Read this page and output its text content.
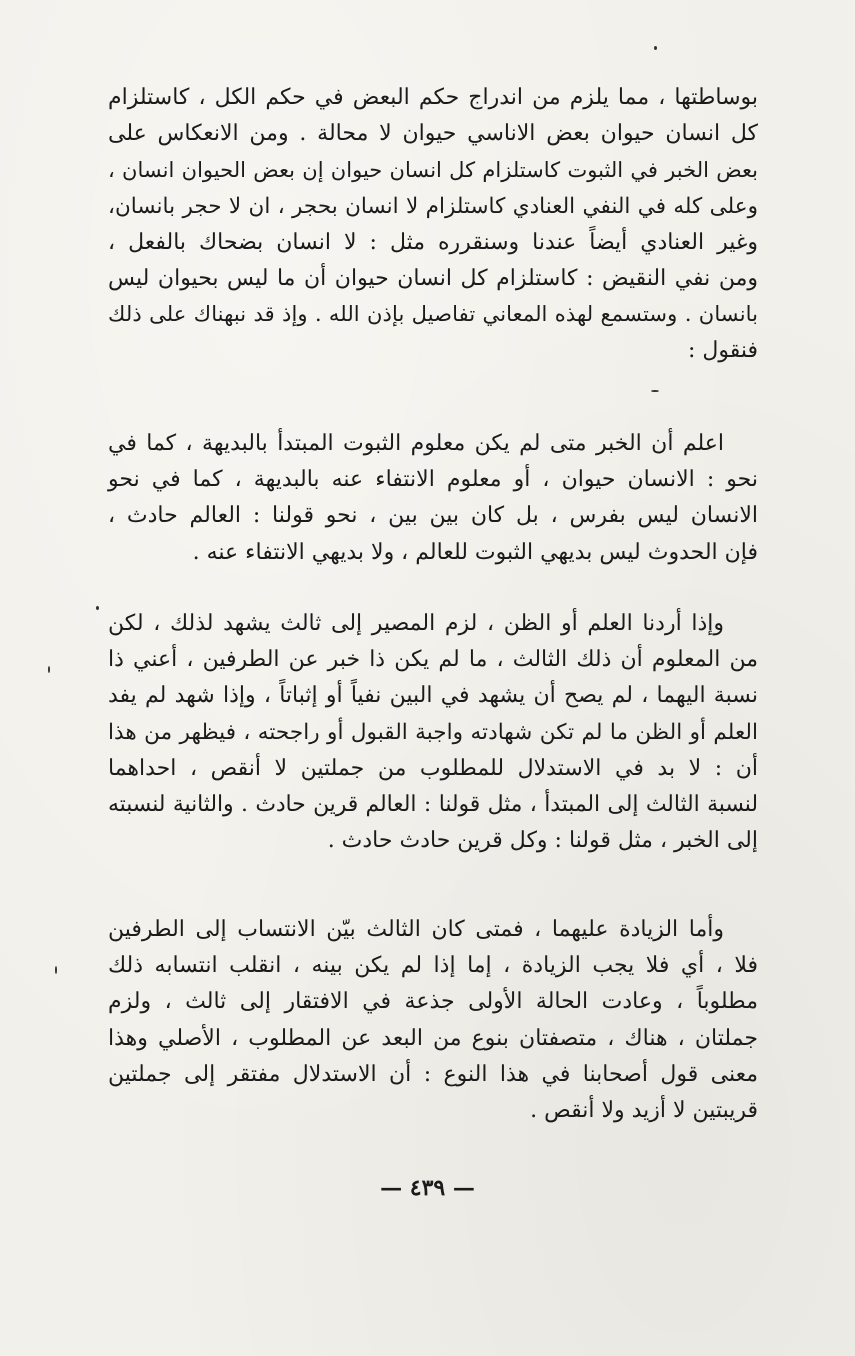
بوساطتها ، مما يلزم من اندراج حكم البعض في حكم الكل ، كاستلزام
كل انسان حيوان بعض الاناسي حيوان لا محالة . ومن الانعكاس على
بعض الخبر في الثبوت كاستلزام كل انسان حيوان إن بعض الحيوان انسان ،
وعلى كله في النفي العنادي كاستلزام لا انسان بحجر ، ان لا حجر بانسان،
وغير العنادي أيضاً عندنا وسنقرره مثل : لا انسان بضحاك بالفعل ،
ومن نفي النقيض : كاستلزام كل انسان حيوان أن ما ليس بحيوان ليس
بانسان . وستسمع لهذه المعاني تفاصيل بإذن الله . وإذ قد نبهناك على ذلك
فنقول :
اعلم أن الخبر متى لم يكن معلوم الثبوت المبتدأ بالبديهة ، كما في
نحو : الانسان حيوان ، أو معلوم الانتفاء عنه بالبديهة ، كما في نحو
الانسان ليس بفرس ، بل كان بين بين ، نحو قولنا : العالم حادث ،
فإن الحدوث ليس بديهي الثبوت للعالم ، ولا بديهي الانتفاء عنه .
وإذا أردنا العلم أو الظن ، لزم المصير إلى ثالث يشهد لذلك ، لكن
من المعلوم أن ذلك الثالث ، ما لم يكن ذا خبر عن الطرفين ، أعني ذا
نسبة اليهما ، لم يصح أن يشهد في البين نفياً أو إثباتاً ، وإذا شهد لم يفد
العلم أو الظن ما لم تكن شهادته واجبة القبول أو راجحته ، فيظهر من هذا
أن : لا بد في الاستدلال للمطلوب من جملتين لا أنقص ، احداهما
لنسبة الثالث إلى المبتدأ ، مثل قولنا : العالم قرين حادث . والثانية لنسبته
إلى الخبر ، مثل قولنا : وكل قرين حادث حادث .
وأما الزيادة عليهما ، فمتى كان الثالث بيّن الانتساب إلى الطرفين
فلا ، أي فلا يجب الزيادة ، إما إذا لم يكن بينه ، انقلب انتسابه ذلك
مطلوباً ، وعادت الحالة الأولى جذعة في الافتقار إلى ثالث ، ولزم
جملتان ، هناك ، متصفتان بنوع من البعد عن المطلوب ، الأصلي وهذا
معنى قول أصحابنا في هذا النوع : أن الاستدلال مفتقر إلى جملتين
قريبتين لا أزيد ولا أنقص .
— ٤٣٩ —
